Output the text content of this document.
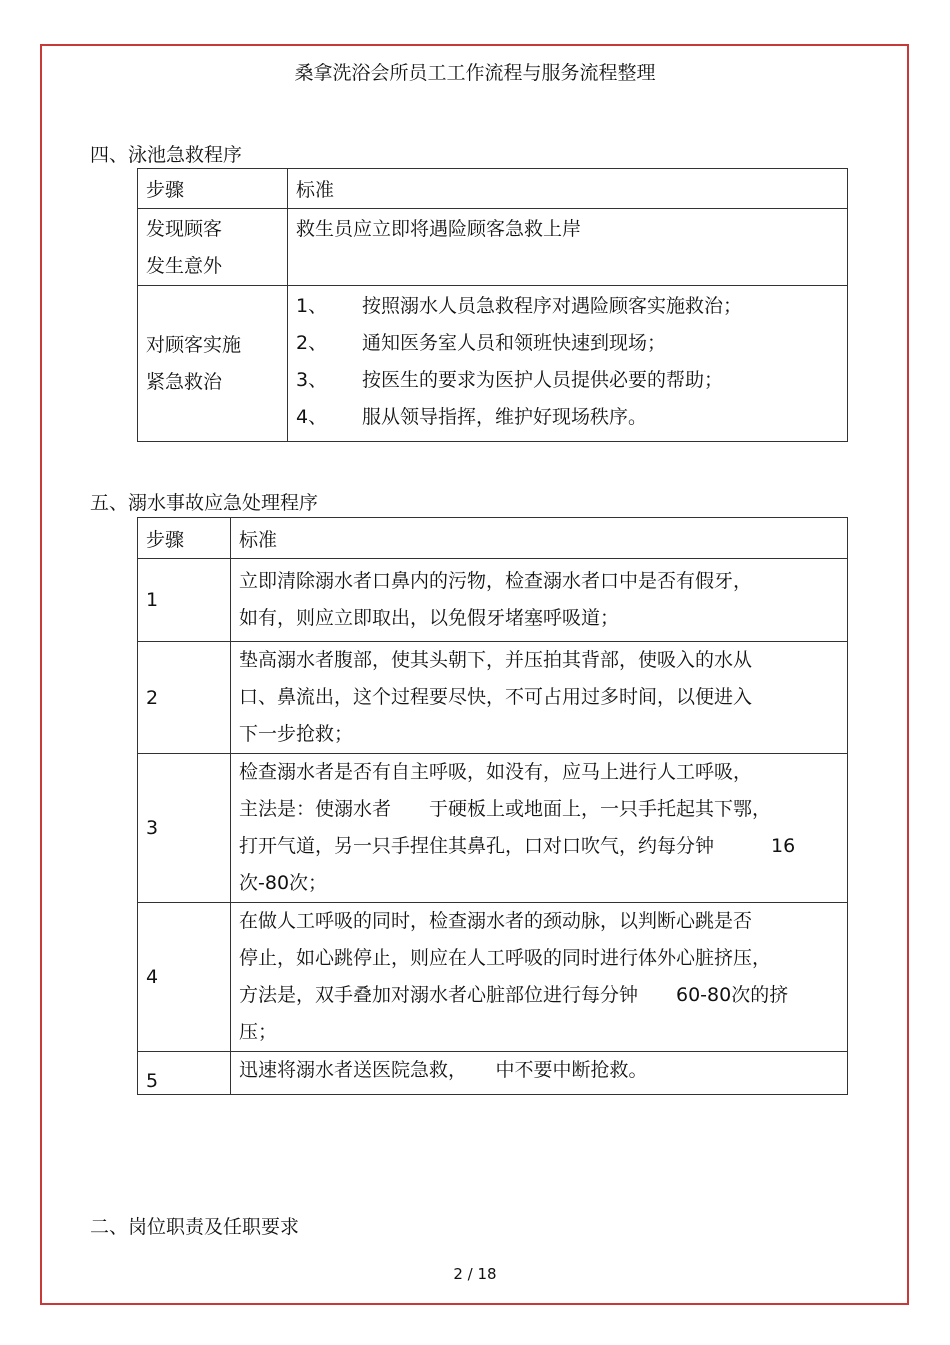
桑拿洗浴会所员工工作流程与服务流程整理
四、泳池急救程序
步骤	标准

发现顾客
发生意外	救生员应立即将遇险顾客急救上岸

对顾客实施
紧急救治	1、 按照溺水人员急救程序对遇险顾客实施救治；
2、 通知医务室人员和领班快速到现场；
3、 按医生的要求为医护人员提供必要的帮助；
4、 服从领导指挥，维护好现场秩序。
五、溺水事故应急处理程序
步骤	标准
1	立即清除溺水者口鼻内的污物，检查溺水者口中是否有假牙，
如有，则应立即取出，以免假牙堵塞呼吸道；

2	垫高溺水者腹部，使其头朝下，并压拍其背部，使吸入的水从
口、鼻流出，这个过程要尽快，不可占用过多时间，以便进入
下一步抢救；

3	检查溺水者是否有自主呼吸，如没有，应马上进行人工呼吸，
主法是：使溺水者　　于硬板上或地面上，一只手托起其下鄂，
打开气道，另一只手捏住其鼻孔，口对口吹气，约每分钟　　　16
次-80次；

4	在做人工呼吸的同时，检查溺水者的颈动脉，以判断心跳是否
停止，如心跳停止，则应在人工呼吸的同时进行体外心脏挤压，
方法是，双手叠加对溺水者心脏部位进行每分钟　　60-80次的挤
压；

5	迅速将溺水者送医院急救，　　中不要中断抢救。
二、岗位职责及任职要求
2 / 18
